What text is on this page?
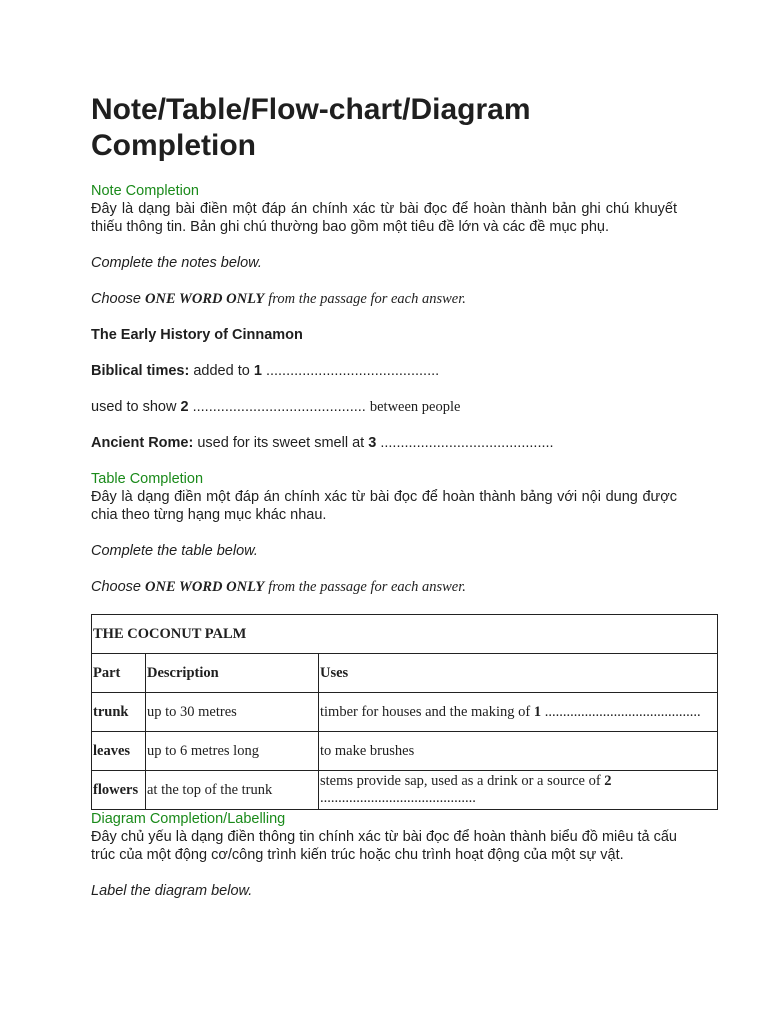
Note/Table/Flow-chart/Diagram Completion

Note Completion

Đây là dạng bài điền một đáp án chính xác từ bài đọc để hoàn thành bản ghi chú khuyết thiếu thông tin. Bản ghi chú thường bao gồm một tiêu đề lớn và các đề mục phụ.

Complete the notes below.

Choose ONE WORD ONLY from the passage for each answer.

The Early History of Cinnamon

Biblical times: added to 1 ...........................................

used to show 2 ........................................... between people

Ancient Rome: used for its sweet smell at 3 ...........................................

Table Completion

Đây là dạng điền một đáp án chính xác từ bài đọc để hoàn thành bảng với nội dung được chia theo từng hạng mục khác nhau.

Complete the table below.

Choose ONE WORD ONLY from the passage for each answer.

THE COCONUT PALM		
Part	Description	Uses
trunk	up to 30 metres	timber for houses and the making of 1 ...........................................
leaves	up to 6 metres long	to make brushes
flowers	at the top of the trunk	stems provide sap, used as a drink or a source of 2 ...........................................

Diagram Completion/Labelling

Đây chủ yếu là dạng điền thông tin chính xác từ bài đọc để hoàn thành biểu đồ miêu tả cấu trúc của một động cơ/công trình kiến trúc hoặc chu trình hoạt động của một sự vật.

Label the diagram below.
